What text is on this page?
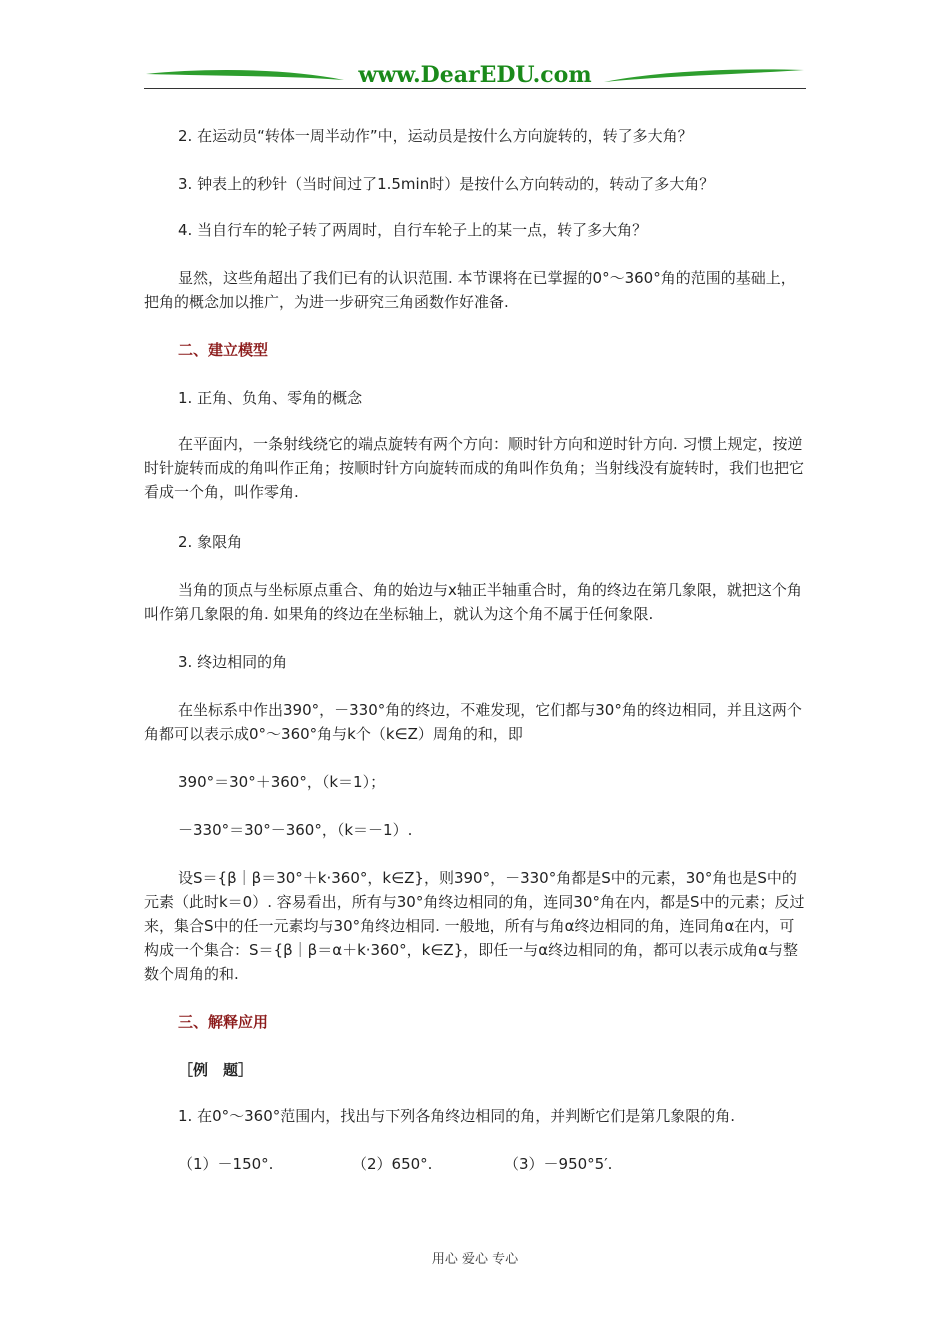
www.DearEDU.com

2. 在运动员“转体一周半动作”中，运动员是按什么方向旋转的，转了多大角？

3. 钟表上的秒针（当时间过了1.5min时）是按什么方向转动的，转动了多大角？

4. 当自行车的轮子转了两周时，自行车轮子上的某一点，转了多大角？

显然，这些角超出了我们已有的认识范围. 本节课将在已掌握的0°～360°角的范围的基础上，把角的概念加以推广，为进一步研究三角函数作好准备.

二、建立模型

1. 正角、负角、零角的概念

在平面内，一条射线绕它的端点旋转有两个方向：顺时针方向和逆时针方向. 习惯上规定，按逆时针旋转而成的角叫作正角；按顺时针方向旋转而成的角叫作负角；当射线没有旋转时，我们也把它看成一个角，叫作零角.

2. 象限角

当角的顶点与坐标原点重合、角的始边与x轴正半轴重合时，角的终边在第几象限，就把这个角叫作第几象限的角. 如果角的终边在坐标轴上，就认为这个角不属于任何象限.

3. 终边相同的角

在坐标系中作出390°，－330°角的终边，不难发现，它们都与30°角的终边相同，并且这两个角都可以表示成0°～360°角与k个（k∈Z）周角的和，即

390°＝30°＋360°，（k＝1）；

－330°＝30°－360°，（k＝－1）.

设S＝{β｜β＝30°＋k·360°，k∈Z}，则390°，－330°角都是S中的元素，30°角也是S中的元素（此时k＝0）. 容易看出，所有与30°角终边相同的角，连同30°角在内，都是S中的元素；反过来，集合S中的任一元素均与30°角终边相同. 一般地，所有与角α终边相同的角，连同角α在内，可构成一个集合：S＝{β｜β＝α＋k·360°，k∈Z}，即任一与α终边相同的角，都可以表示成角α与整数个周角的和.

三、解释应用

［例　题］

1. 在0°～360°范围内，找出与下列各角终边相同的角，并判断它们是第几象限的角.

（1）－150°.	（2）650°.	（3）－950°5′.
用心 爱心 专心
